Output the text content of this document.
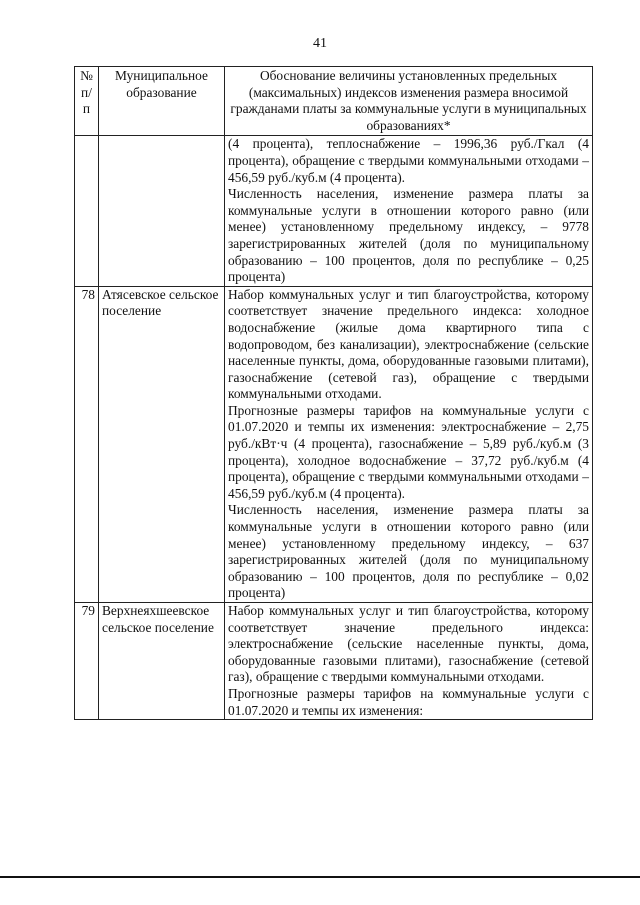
41
№ п/п	Муниципальное образование	Обоснование величины установленных предельных (максимальных) индексов изменения размера вносимой гражданами платы за коммунальные услуги в муниципальных образованиях*

		(4 процента), теплоснабжение – 1996,36 руб./Гкал (4 процента), обращение с твердыми коммунальными отходами – 456,59 руб./куб.м (4 процента).
Численность населения, изменение размера платы за коммунальные услуги в отношении которого равно (или менее) установленному предельному индексу, – 9778 зарегистрированных жителей (доля по муниципальному образованию – 100 процентов, доля по республике – 0,25 процента)

78	Атясевское сельское поселение	Набор коммунальных услуг и тип благоустройства, которому соответствует значение предельного индекса: холодное водоснабжение (жилые дома квартирного типа с водопроводом, без канализации), электроснабжение (сельские населенные пункты, дома, оборудованные газовыми плитами), газоснабжение (сетевой газ), обращение с твердыми коммунальными отходами.
Прогнозные размеры тарифов на коммунальные услуги с 01.07.2020 и темпы их изменения: электроснабжение – 2,75 руб./кВт·ч (4 процента), газоснабжение – 5,89 руб./куб.м (3 процента), холодное водоснабжение – 37,72 руб./куб.м (4 процента), обращение с твердыми коммунальными отходами – 456,59 руб./куб.м (4 процента).
Численность населения, изменение размера платы за коммунальные услуги в отношении которого равно (или менее) установленному предельному индексу, – 637 зарегистрированных жителей (доля по муниципальному образованию – 100 процентов, доля по республике – 0,02 процента)

79	Верхнеяхшеевское сельское поселение	Набор коммунальных услуг и тип благоустройства, которому соответствует значение предельного индекса: электроснабжение (сельские населенные пункты, дома, оборудованные газовыми плитами), газоснабжение (сетевой газ), обращение с твердыми коммунальными отходами.
Прогнозные размеры тарифов на коммунальные услуги с 01.07.2020 и темпы их изменения:
